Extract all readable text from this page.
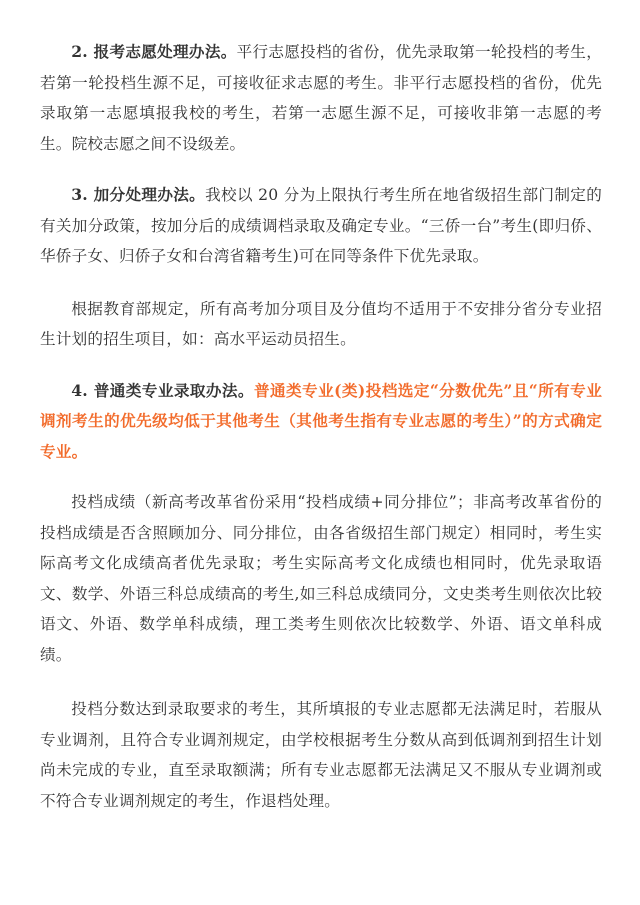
2. 报考志愿处理办法。平行志愿投档的省份，优先录取第一轮投档的考生，若第一轮投档生源不足，可接收征求志愿的考生。非平行志愿投档的省份，优先录取第一志愿填报我校的考生，若第一志愿生源不足，可接收非第一志愿的考生。院校志愿之间不设级差。

3. 加分处理办法。我校以 20 分为上限执行考生所在地省级招生部门制定的有关加分政策，按加分后的成绩调档录取及确定专业。“三侨一台”考生(即归侨、华侨子女、归侨子女和台湾省籍考生)可在同等条件下优先录取。

根据教育部规定，所有高考加分项目及分值均不适用于不安排分省分专业招生计划的招生项目，如：高水平运动员招生。

4. 普通类专业录取办法。普通类专业(类)投档选定“分数优先”且“所有专业调剂考生的优先级均低于其他考生（其他考生指有专业志愿的考生）”的方式确定专业。

投档成绩（新高考改革省份采用“投档成绩+同分排位”；非高考改革省份的投档成绩是否含照顾加分、同分排位，由各省级招生部门规定）相同时，考生实际高考文化成绩高者优先录取；考生实际高考文化成绩也相同时，优先录取语文、数学、外语三科总成绩高的考生,如三科总成绩同分，文史类考生则依次比较语文、外语、数学单科成绩，理工类考生则依次比较数学、外语、语文单科成绩。

投档分数达到录取要求的考生，其所填报的专业志愿都无法满足时，若服从专业调剂，且符合专业调剂规定，由学校根据考生分数从高到低调剂到招生计划尚未完成的专业，直至录取额满；所有专业志愿都无法满足又不服从专业调剂或不符合专业调剂规定的考生，作退档处理。
